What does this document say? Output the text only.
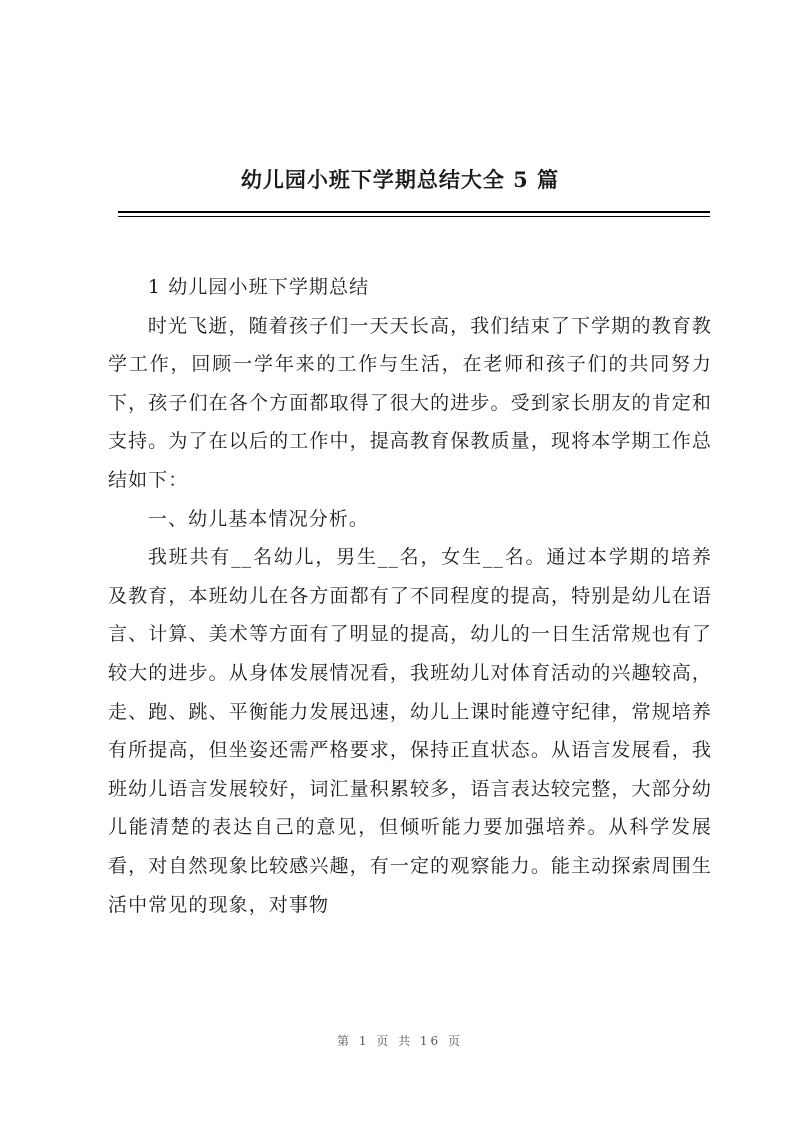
幼儿园小班下学期总结大全 5 篇

1 幼儿园小班下学期总结

时光飞逝，随着孩子们一天天长高，我们结束了下学期的教育教学工作，回顾一学年来的工作与生活，在老师和孩子们的共同努力下，孩子们在各个方面都取得了很大的进步。受到家长朋友的肯定和支持。为了在以后的工作中，提高教育保教质量，现将本学期工作总结如下：

一、幼儿基本情况分析。

我班共有__名幼儿，男生__名，女生__名。通过本学期的培养及教育，本班幼儿在各方面都有了不同程度的提高，特别是幼儿在语言、计算、美术等方面有了明显的提高，幼儿的一日生活常规也有了较大的进步。从身体发展情况看，我班幼儿对体育活动的兴趣较高，走、跑、跳、平衡能力发展迅速，幼儿上课时能遵守纪律，常规培养有所提高，但坐姿还需严格要求，保持正直状态。从语言发展看，我班幼儿语言发展较好，词汇量积累较多，语言表达较完整，大部分幼儿能清楚的表达自己的意见，但倾听能力要加强培养。从科学发展看，对自然现象比较感兴趣，有一定的观察能力。能主动探索周围生活中常见的现象，对事物

第 1 页 共 16 页
